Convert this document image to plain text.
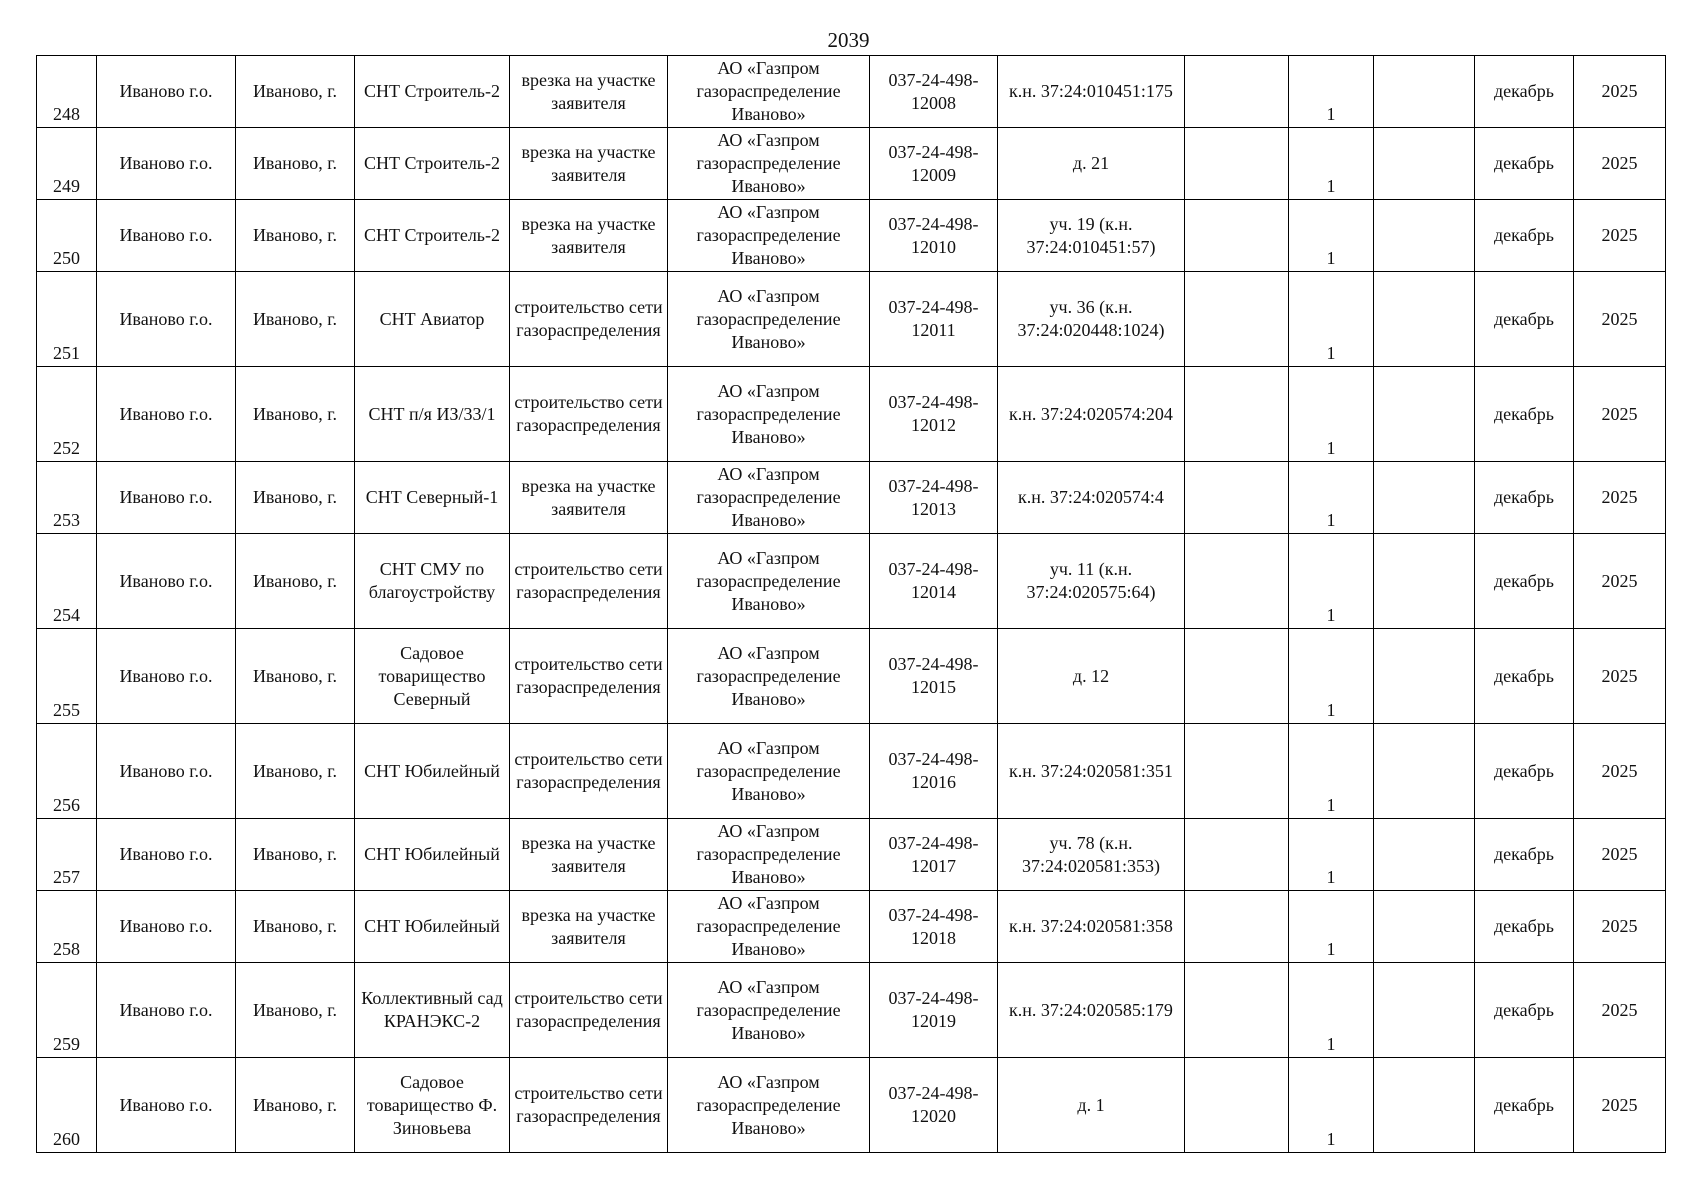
2039
248	Иваново г.о.	Иваново, г.	СНТ Строитель-2	врезка на участке заявителя	АО «Газпром газораспределение Иваново»	037-24-498-12008	к.н. 37:24:010451:175		1		декабрь	2025
249	Иваново г.о.	Иваново, г.	СНТ Строитель-2	врезка на участке заявителя	АО «Газпром газораспределение Иваново»	037-24-498-12009	д. 21		1		декабрь	2025
250	Иваново г.о.	Иваново, г.	СНТ Строитель-2	врезка на участке заявителя	АО «Газпром газораспределение Иваново»	037-24-498-12010	уч. 19 (к.н. 37:24:010451:57)		1		декабрь	2025
251	Иваново г.о.	Иваново, г.	СНТ Авиатор	строительство сети газораспределения	АО «Газпром газораспределение Иваново»	037-24-498-12011	уч. 36 (к.н. 37:24:020448:1024)		1		декабрь	2025
252	Иваново г.о.	Иваново, г.	СНТ п/я ИЗ/33/1	строительство сети газораспределения	АО «Газпром газораспределение Иваново»	037-24-498-12012	к.н. 37:24:020574:204		1		декабрь	2025
253	Иваново г.о.	Иваново, г.	СНТ Северный-1	врезка на участке заявителя	АО «Газпром газораспределение Иваново»	037-24-498-12013	к.н. 37:24:020574:4		1		декабрь	2025
254	Иваново г.о.	Иваново, г.	СНТ СМУ по благоустройству	строительство сети газораспределения	АО «Газпром газораспределение Иваново»	037-24-498-12014	уч. 11 (к.н. 37:24:020575:64)		1		декабрь	2025
255	Иваново г.о.	Иваново, г.	Садовое товарищество Северный	строительство сети газораспределения	АО «Газпром газораспределение Иваново»	037-24-498-12015	д. 12		1		декабрь	2025
256	Иваново г.о.	Иваново, г.	СНТ Юбилейный	строительство сети газораспределения	АО «Газпром газораспределение Иваново»	037-24-498-12016	к.н. 37:24:020581:351		1		декабрь	2025
257	Иваново г.о.	Иваново, г.	СНТ Юбилейный	врезка на участке заявителя	АО «Газпром газораспределение Иваново»	037-24-498-12017	уч. 78 (к.н. 37:24:020581:353)		1		декабрь	2025
258	Иваново г.о.	Иваново, г.	СНТ Юбилейный	врезка на участке заявителя	АО «Газпром газораспределение Иваново»	037-24-498-12018	к.н. 37:24:020581:358		1		декабрь	2025
259	Иваново г.о.	Иваново, г.	Коллективный сад КРАНЭКС-2	строительство сети газораспределения	АО «Газпром газораспределение Иваново»	037-24-498-12019	к.н. 37:24:020585:179		1		декабрь	2025
260	Иваново г.о.	Иваново, г.	Садовое товарищество Ф. Зиновьева	строительство сети газораспределения	АО «Газпром газораспределение Иваново»	037-24-498-12020	д. 1		1		декабрь	2025
